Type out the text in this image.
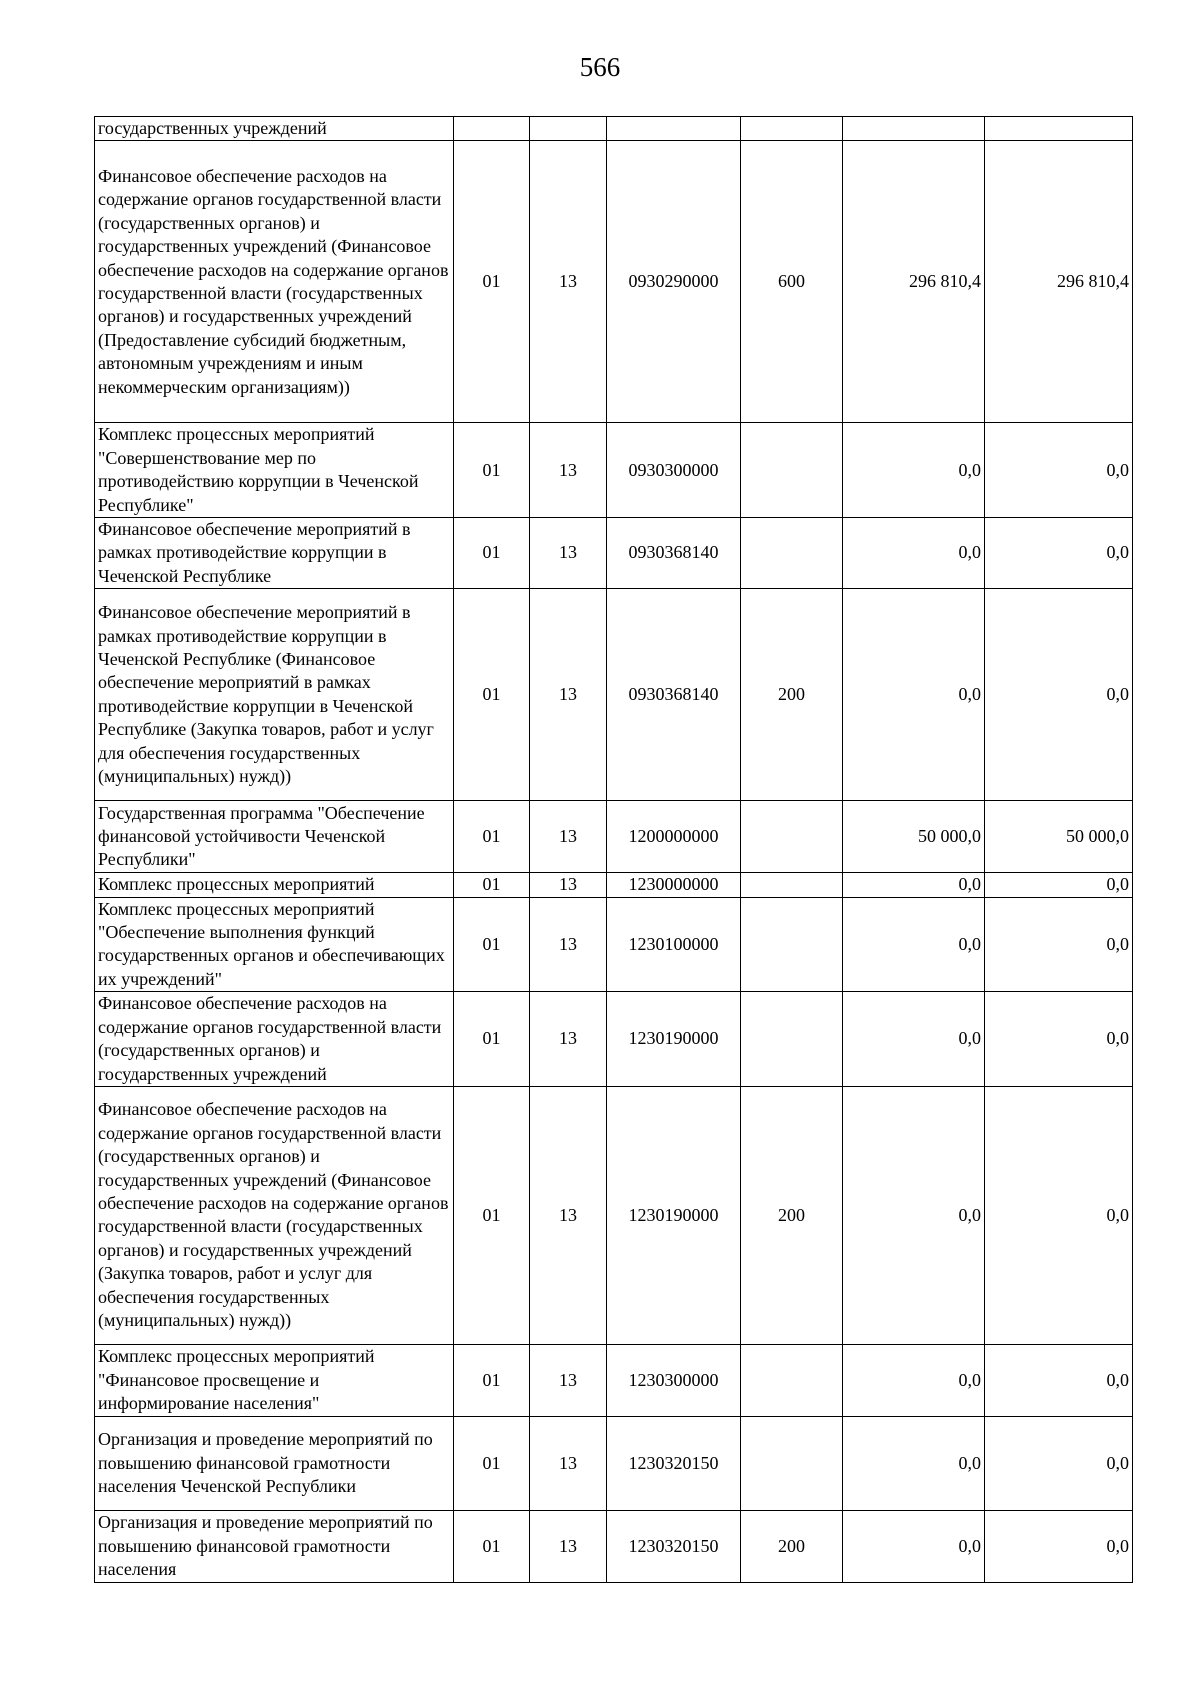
566
государственных учреждений						
Финансовое обеспечение расходов на содержание органов государственной власти (государственных органов) и государственных учреждений (Финансовое обеспечение расходов на содержание органов государственной власти (государственных органов) и государственных учреждений (Предоставление субсидий бюджетным, автономным учреждениям и иным некоммерческим организациям))	01	13	0930290000	600	296 810,4	296 810,4
Комплекс процессных мероприятий "Совершенствование мер по противодействию коррупции в Чеченской Республике"	01	13	0930300000		0,0	0,0
Финансовое обеспечение мероприятий в рамках противодействие коррупции в Чеченской Республике	01	13	0930368140		0,0	0,0
Финансовое обеспечение мероприятий в рамках противодействие коррупции в Чеченской Республике (Финансовое обеспечение мероприятий в рамках противодействие коррупции в Чеченской Республике (Закупка товаров, работ и услуг для обеспечения государственных (муниципальных) нужд))	01	13	0930368140	200	0,0	0,0
Государственная программа "Обеспечение финансовой устойчивости Чеченской Республики"	01	13	1200000000		50 000,0	50 000,0
Комплекс процессных мероприятий	01	13	1230000000		0,0	0,0
Комплекс процессных мероприятий "Обеспечение выполнения функций государственных органов и обеспечивающих их учреждений"	01	13	1230100000		0,0	0,0
Финансовое обеспечение расходов на содержание органов государственной власти (государственных органов) и государственных учреждений	01	13	1230190000		0,0	0,0
Финансовое обеспечение расходов на содержание органов государственной власти (государственных органов) и государственных учреждений (Финансовое обеспечение расходов на содержание органов государственной власти (государственных органов) и государственных учреждений (Закупка товаров, работ и услуг для обеспечения государственных (муниципальных) нужд))	01	13	1230190000	200	0,0	0,0
Комплекс процессных мероприятий "Финансовое просвещение и информирование населения"	01	13	1230300000		0,0	0,0
Организация и проведение мероприятий по повышению финансовой грамотности населения Чеченской Республики	01	13	1230320150		0,0	0,0
Организация и проведение мероприятий по повышению финансовой грамотности населения	01	13	1230320150	200	0,0	0,0
